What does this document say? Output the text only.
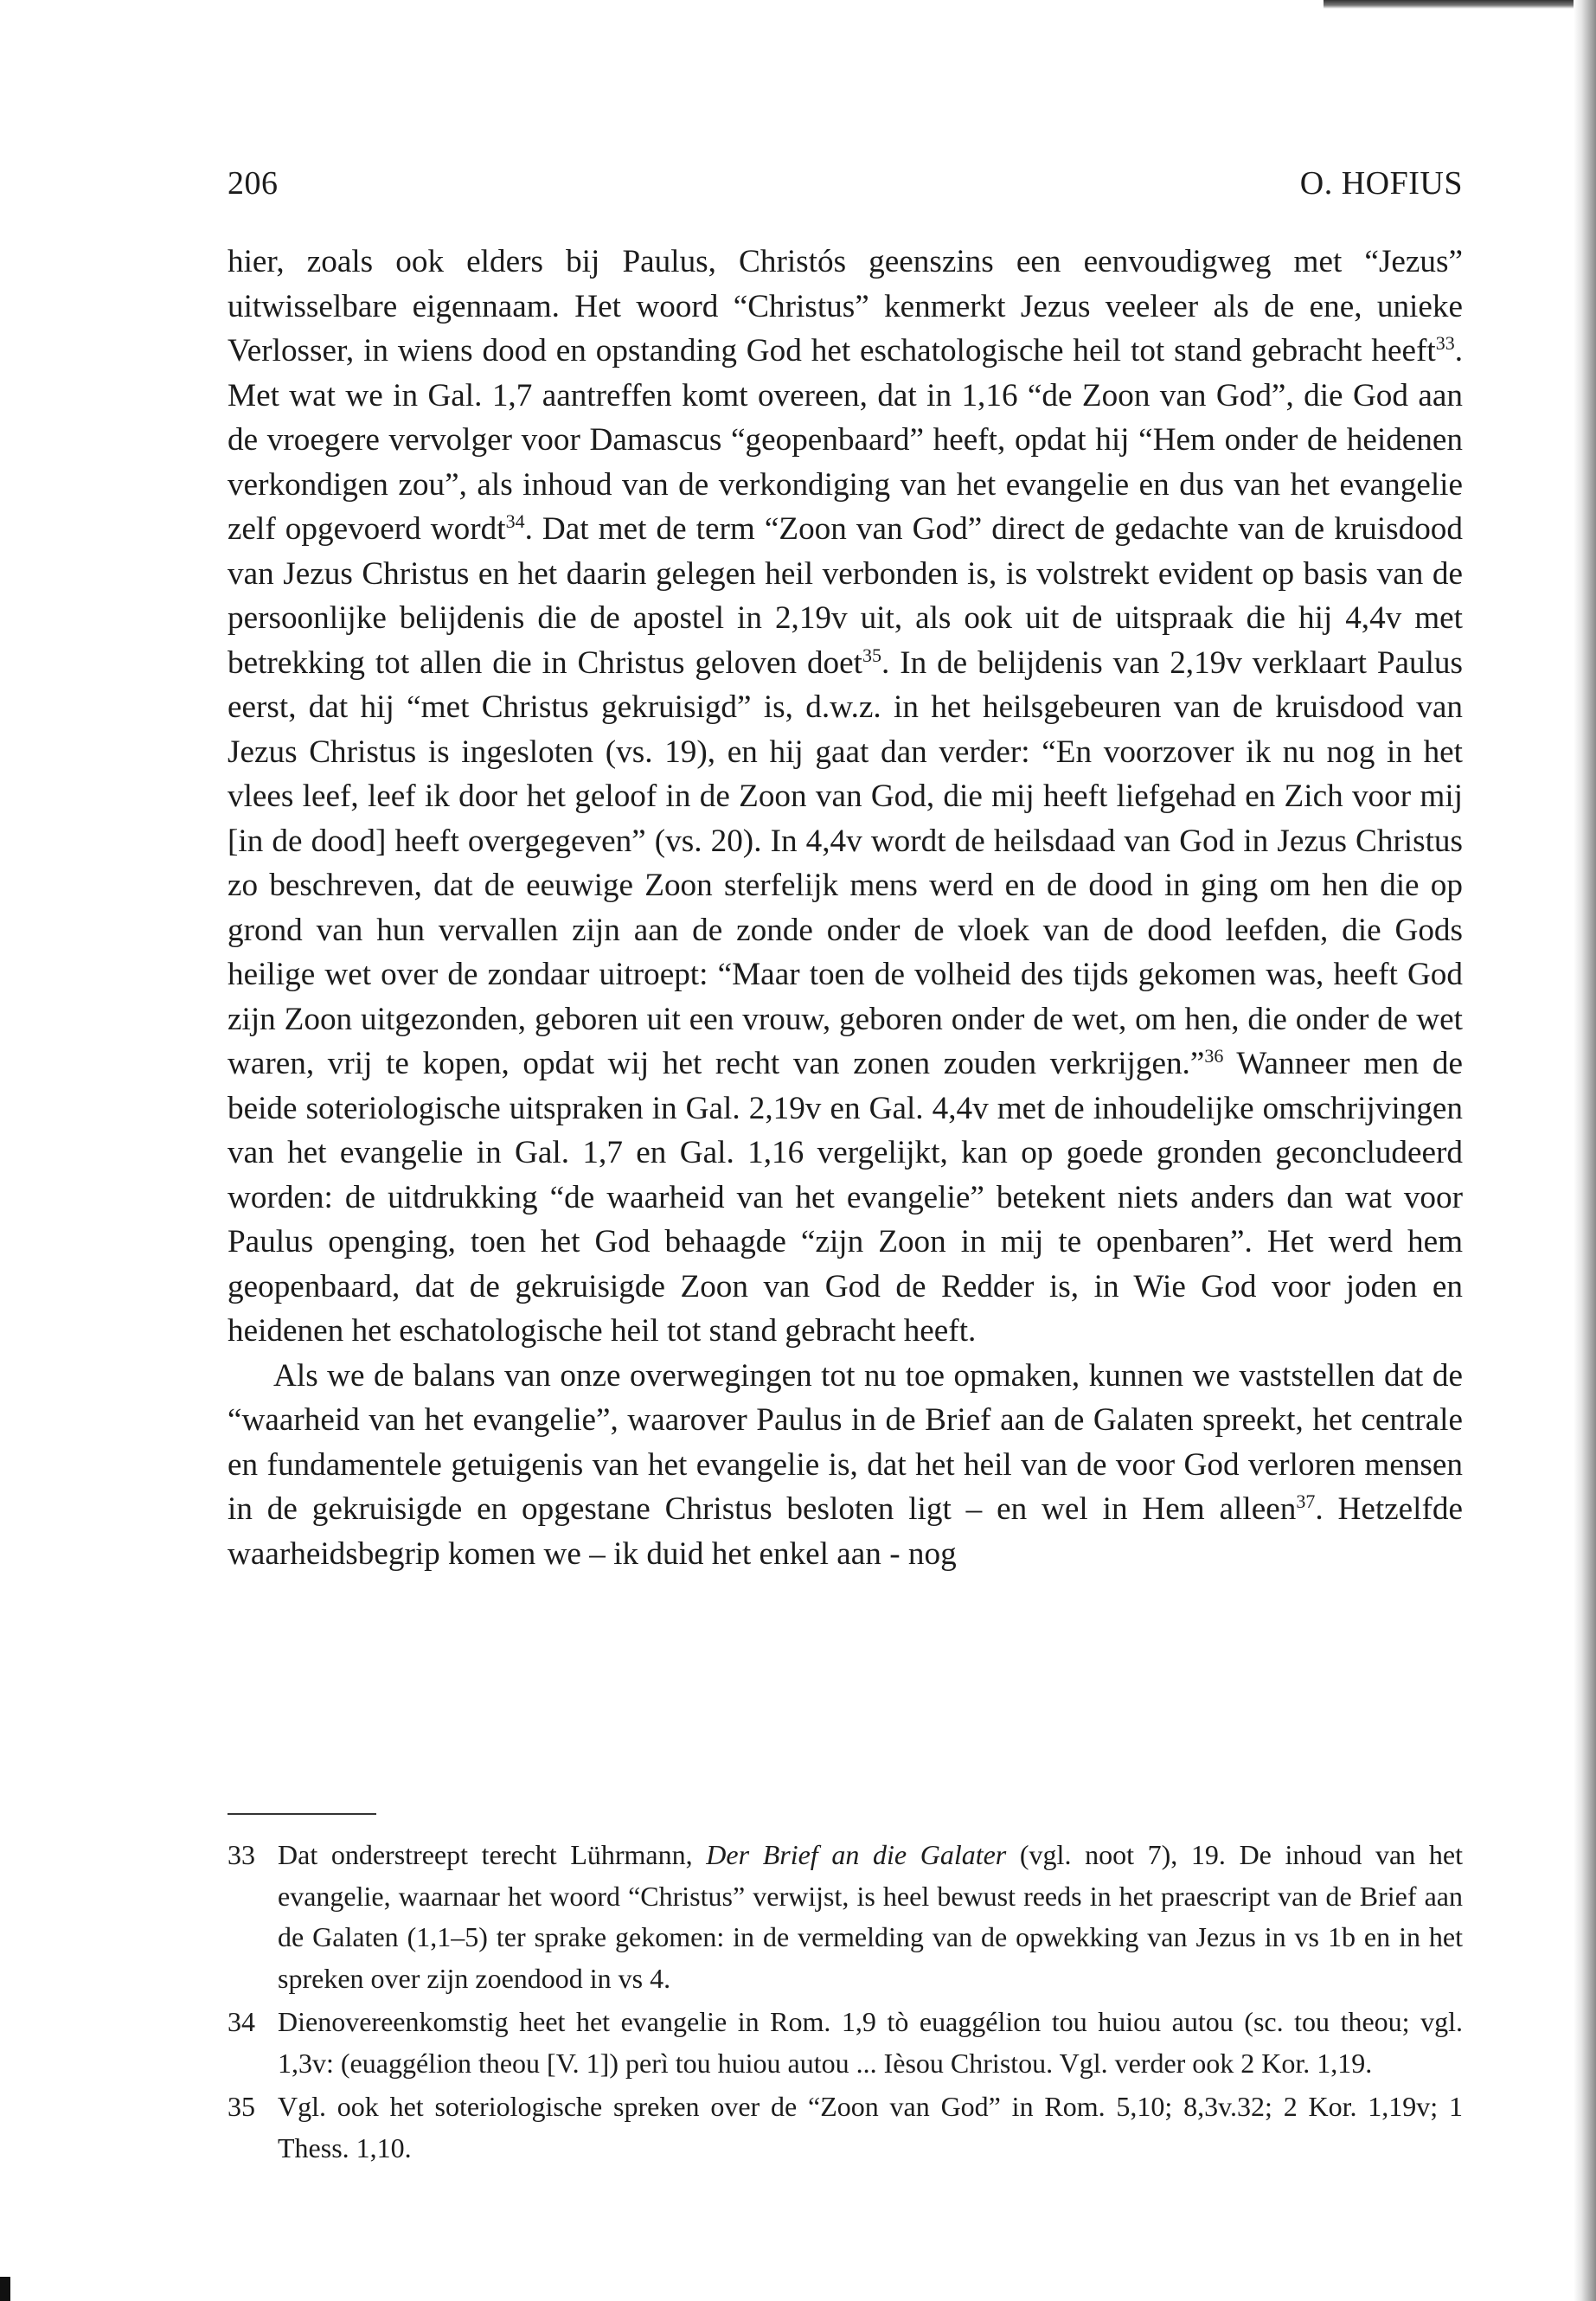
206	O. HOFIUS

hier, zoals ook elders bij Paulus, Christós geenszins een eenvoudigweg met “Jezus” uitwisselbare eigennaam. Het woord “Christus” kenmerkt Jezus veeleer als de ene, unieke Verlosser, in wiens dood en opstanding God het eschatologische heil tot stand gebracht heeft$^{33}$. Met wat we in Gal. 1,7 aantreffen komt overeen, dat in 1,16 “de Zoon van God”, die God aan de vroegere vervolger voor Damascus “geopenbaard” heeft, opdat hij “Hem onder de heidenen verkondigen zou”, als inhoud van de verkondiging van het evangelie en dus van het evangelie zelf opgevoerd wordt$^{34}$. Dat met de term “Zoon van God” direct de gedachte van de kruisdood van Jezus Christus en het daarin gelegen heil verbonden is, is volstrekt evident op basis van de persoonlijke belijdenis die de apostel in 2,19v uit, als ook uit de uitspraak die hij 4,4v met betrekking tot allen die in Christus geloven doet$^{35}$. In de belijdenis van 2,19v verklaart Paulus eerst, dat hij “met Christus gekruisigd” is, d.w.z. in het heilsgebeuren van de kruisdood van Jezus Christus is ingesloten (vs. 19), en hij gaat dan verder: “En voorzover ik nu nog in het vlees leef, leef ik door het geloof in de Zoon van God, die mij heeft liefgehad en Zich voor mij [in de dood] heeft overgegeven” (vs. 20). In 4,4v wordt de heilsdaad van God in Jezus Christus zo beschreven, dat de eeuwige Zoon sterfelijk mens werd en de dood in ging om hen die op grond van hun vervallen zijn aan de zonde onder de vloek van de dood leefden, die Gods heilige wet over de zondaar uitroept: “Maar toen de volheid des tijds gekomen was, heeft God zijn Zoon uitgezonden, geboren uit een vrouw, geboren onder de wet, om hen, die onder de wet waren, vrij te kopen, opdat wij het recht van zonen zouden verkrijgen.”$^{36}$ Wanneer men de beide soteriologische uitspraken in Gal. 2,19v en Gal. 4,4v met de inhoudelijke omschrijvingen van het evangelie in Gal. 1,7 en Gal. 1,16 vergelijkt, kan op goede gronden geconcludeerd worden: de uitdrukking “de waarheid van het evangelie” betekent niets anders dan wat voor Paulus openging, toen het God behaagde “zijn Zoon in mij te openbaren”. Het werd hem geopenbaard, dat de gekruisigde Zoon van God de Redder is, in Wie God voor joden en heidenen het eschatologische heil tot stand gebracht heeft.

Als we de balans van onze overwegingen tot nu toe opmaken, kunnen we vaststellen dat de “waarheid van het evangelie”, waarover Paulus in de Brief aan de Galaten spreekt, het centrale en fundamentele getuigenis van het evangelie is, dat het heil van de voor God verloren mensen in de gekruisigde en opgestane Christus besloten ligt – en wel in Hem alleen$^{37}$. Hetzelfde waarheidsbegrip komen we – ik duid het enkel aan - nog

33 Dat onderstreept terecht Lührmann, Der Brief an die Galater (vgl. noot 7), 19. De inhoud van het evangelie, waarnaar het woord “Christus” verwijst, is heel bewust reeds in het praescript van de Brief aan de Galaten (1,1–5) ter sprake gekomen: in de vermelding van de opwekking van Jezus in vs 1b en in het spreken over zijn zoendood in vs 4.
34 Dienovereenkomstig heet het evangelie in Rom. 1,9 tò euaggélion tou huiou autou (sc. tou theou; vgl. 1,3v: (euaggélion theou [V. 1]) perì tou huiou autou ... Ièsou Christou. Vgl. verder ook 2 Kor. 1,19.
35 Vgl. ook het soteriologische spreken over de “Zoon van God” in Rom. 5,10; 8,3v.32; 2 Kor. 1,19v; 1 Thess. 1,10.
